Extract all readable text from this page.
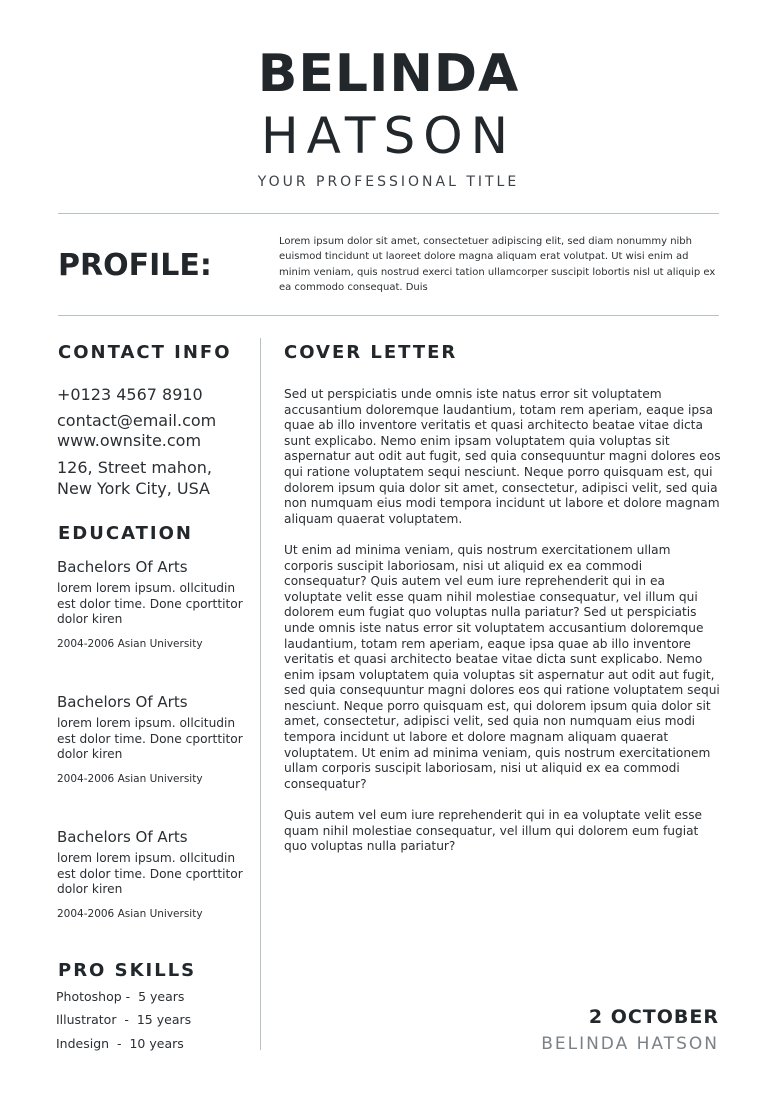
BELINDA
HATSON
YOUR PROFESSIONAL TITLE
PROFILE:
Lorem ipsum dolor sit amet, consectetuer adipiscing elit, sed diam nonummy nibh euismod tincidunt ut laoreet dolore magna aliquam erat volutpat. Ut wisi enim ad minim veniam, quis nostrud exerci tation ullamcorper suscipit lobortis nisl ut aliquip ex ea commodo consequat. Duis
CONTACT INFO
+0123 4567 8910
contact@email.com
www.ownsite.com
126, Street mahon,
New York City, USA
EDUCATION
Bachelors Of Arts
lorem lorem ipsum. ollcitudin est dolor time. Done cporttitor dolor kiren
2004-2006 Asian University
Bachelors Of Arts
lorem lorem ipsum. ollcitudin est dolor time. Done cporttitor dolor kiren
2004-2006 Asian University
Bachelors Of Arts
lorem lorem ipsum. ollcitudin est dolor time. Done cporttitor dolor kiren
2004-2006 Asian University
PRO SKILLS
Photoshop -  5 years
Illustrator  -  15 years
Indesign  -  10 years
COVER LETTER

Sed ut perspiciatis unde omnis iste natus error sit voluptatem accusantium doloremque laudantium, totam rem aperiam, eaque ipsa quae ab illo inventore veritatis et quasi architecto beatae vitae dicta sunt explicabo. Nemo enim ipsam voluptatem quia voluptas sit aspernatur aut odit aut fugit, sed quia consequuntur magni dolores eos qui ratione voluptatem sequi nesciunt. Neque porro quisquam est, qui dolorem ipsum quia dolor sit amet, consectetur, adipisci velit, sed quia non numquam eius modi tempora incidunt ut labore et dolore magnam aliquam quaerat voluptatem.

Ut enim ad minima veniam, quis nostrum exercitationem ullam corporis suscipit laboriosam, nisi ut aliquid ex ea commodi consequatur? Quis autem vel eum iure reprehenderit qui in ea voluptate velit esse quam nihil molestiae consequatur, vel illum qui dolorem eum fugiat quo voluptas nulla pariatur? Sed ut perspiciatis unde omnis iste natus error sit voluptatem accusantium doloremque laudantium, totam rem aperiam, eaque ipsa quae ab illo inventore veritatis et quasi architecto beatae vitae dicta sunt explicabo. Nemo enim ipsam voluptatem quia voluptas sit aspernatur aut odit aut fugit, sed quia consequuntur magni dolores eos qui ratione voluptatem sequi nesciunt. Neque porro quisquam est, qui dolorem ipsum quia dolor sit amet, consectetur, adipisci velit, sed quia non numquam eius modi tempora incidunt ut labore et dolore magnam aliquam quaerat voluptatem. Ut enim ad minima veniam, quis nostrum exercitationem ullam corporis suscipit laboriosam, nisi ut aliquid ex ea commodi consequatur?

Quis autem vel eum iure reprehenderit qui in ea voluptate velit esse quam nihil molestiae consequatur, vel illum qui dolorem eum fugiat quo voluptas nulla pariatur?

2 OCTOBER
BELINDA HATSON
